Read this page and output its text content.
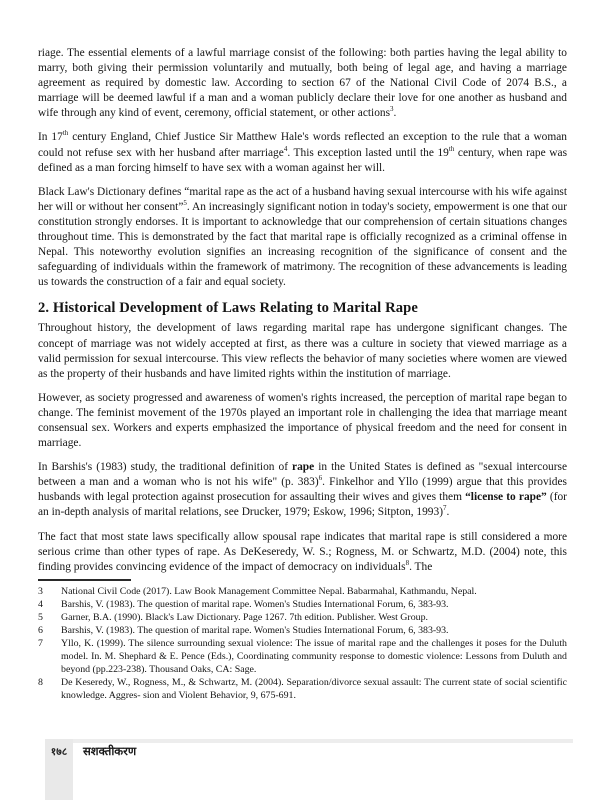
riage. The essential elements of a lawful marriage consist of the following: both parties having the legal ability to marry, both giving their permission voluntarily and mutually, both being of legal age, and having a marriage agreement as required by domestic law. According to section 67 of the National Civil Code of 2074 B.S., a marriage will be deemed lawful if a man and a woman publicly declare their love for one another as husband and wife through any kind of event, ceremony, official statement, or other actions$^3$.

In 17th century England, Chief Justice Sir Matthew Hale's words reflected an exception to the rule that a woman could not refuse sex with her husband after marriage$^4$. This exception lasted until the 19th century, when rape was defined as a man forcing himself to have sex with a woman against her will.

Black Law's Dictionary defines “marital rape as the act of a husband having sexual intercourse with his wife against her will or without her consent”$^5$. An increasingly significant notion in today's society, empowerment is one that our constitution strongly endorses. It is important to acknowledge that our comprehension of certain situations changes throughout time. This is demonstrated by the fact that marital rape is officially recognized as a criminal offense in Nepal. This noteworthy evolution signifies an increasing recognition of the significance of consent and the safeguarding of individuals within the framework of matrimony. The recognition of these advancements is leading us towards the construction of a fair and equal society.

2. Historical Development of Laws Relating to Marital Rape

Throughout history, the development of laws regarding marital rape has undergone significant changes. The concept of marriage was not widely accepted at first, as there was a culture in society that viewed marriage as a valid permission for sexual intercourse. This view reflects the behavior of many societies where women are viewed as the property of their husbands and have limited rights within the institution of marriage.

However, as society progressed and awareness of women's rights increased, the perception of marital rape began to change. The feminist movement of the 1970s played an important role in challenging the idea that marriage meant consensual sex. Workers and experts emphasized the importance of physical freedom and the need for consent in marriage.

In Barshis's (1983) study, the traditional definition of rape in the United States is defined as "sexual intercourse between a man and a woman who is not his wife" (p. 383)$^6$. Finkelhor and Yllo (1999) argue that this provides husbands with legal protection against prosecution for assaulting their wives and gives them “license to rape” (for an in-depth analysis of marital relations, see Drucker, 1979; Eskow, 1996; Sitpton, 1993)$^7$.

The fact that most state laws specifically allow spousal rape indicates that marital rape is still considered a more serious crime than other types of rape. As DeKeseredy, W. S.; Rogness, M. or Schwartz, M.D. (2004) note, this finding provides convincing evidence of the impact of democracy on individuals$^8$. The

3	National Civil Code (2017). Law Book Management Committee Nepal. Babarmahal, Kathmandu, Nepal.
4	Barshis, V. (1983). The question of marital rape. Women's Studies International Forum, 6, 383-93.
5	Garner, B.A. (1990). Black's Law Dictionary. Page 1267. 7th edition. Publisher. West Group.
6	Barshis, V. (1983). The question of marital rape. Women's Studies International Forum, 6, 383-93.
7	Yllo, K. (1999). The silence surrounding sexual violence: The issue of marital rape and the challenges it poses for the Duluth model. In. M. Shephard & E. Pence (Eds.), Coordinating community response to domestic violence: Lessons from Duluth and beyond (pp.223-238). Thousand Oaks, CA: Sage.
8	De Keseredy, W., Rogness, M., & Schwartz, M. (2004). Separation/divorce sexual assault: The current state of social scientific knowledge. Aggres- sion and Violent Behavior, 9, 675-691.
१७८	सशक्तीकरण
